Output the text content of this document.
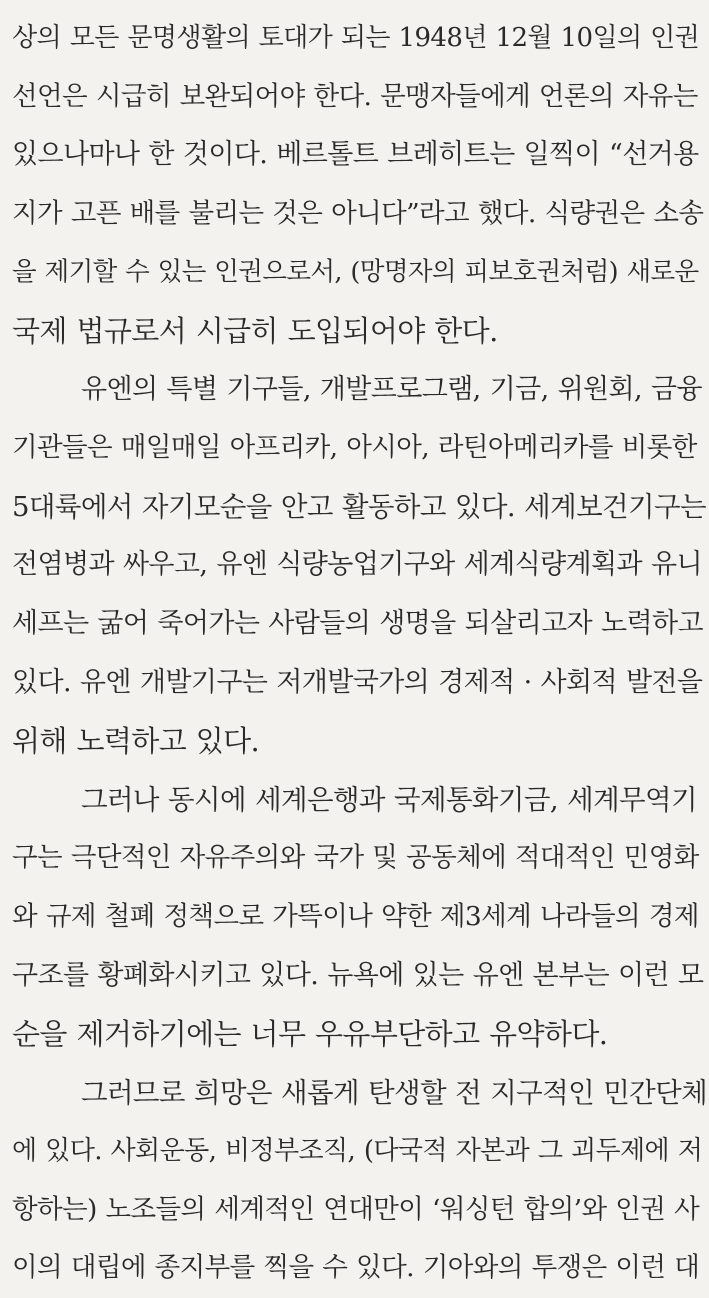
상의 모든 문명생활의 토대가 되는 1948년 12월 10일의 인권
선언은 시급히 보완되어야 한다. 문맹자들에게 언론의 자유는
있으나마나 한 것이다. 베르톨트 브레히트는 일찍이 “선거용
지가 고픈 배를 불리는 것은 아니다”라고 했다. 식량권은 소송
을 제기할 수 있는 인권으로서, (망명자의 피보호권처럼) 새로운
국제 법규로서 시급히 도입되어야 한다.
유엔의 특별 기구들, 개발프로그램, 기금, 위원회, 금융
기관들은 매일매일 아프리카, 아시아, 라틴아메리카를 비롯한
5대륙에서 자기모순을 안고 활동하고 있다. 세계보건기구는
전염병과 싸우고, 유엔 식량농업기구와 세계식량계획과 유니
세프는 굶어 죽어가는 사람들의 생명을 되살리고자 노력하고
있다. 유엔 개발기구는 저개발국가의 경제적 · 사회적 발전을
위해 노력하고 있다.
그러나 동시에 세계은행과 국제통화기금, 세계무역기
구는 극단적인 자유주의와 국가 및 공동체에 적대적인 민영화
와 규제 철폐 정책으로 가뜩이나 약한 제3세계 나라들의 경제
구조를 황폐화시키고 있다. 뉴욕에 있는 유엔 본부는 이런 모
순을 제거하기에는 너무 우유부단하고 유약하다.
그러므로 희망은 새롭게 탄생할 전 지구적인 민간단체
에 있다. 사회운동, 비정부조직, (다국적 자본과 그 괴두제에 저
항하는) 노조들의 세계적인 연대만이 ‘워싱턴 합의’와 인권 사
이의 대립에 종지부를 찍을 수 있다. 기아와의 투쟁은 이런 대
